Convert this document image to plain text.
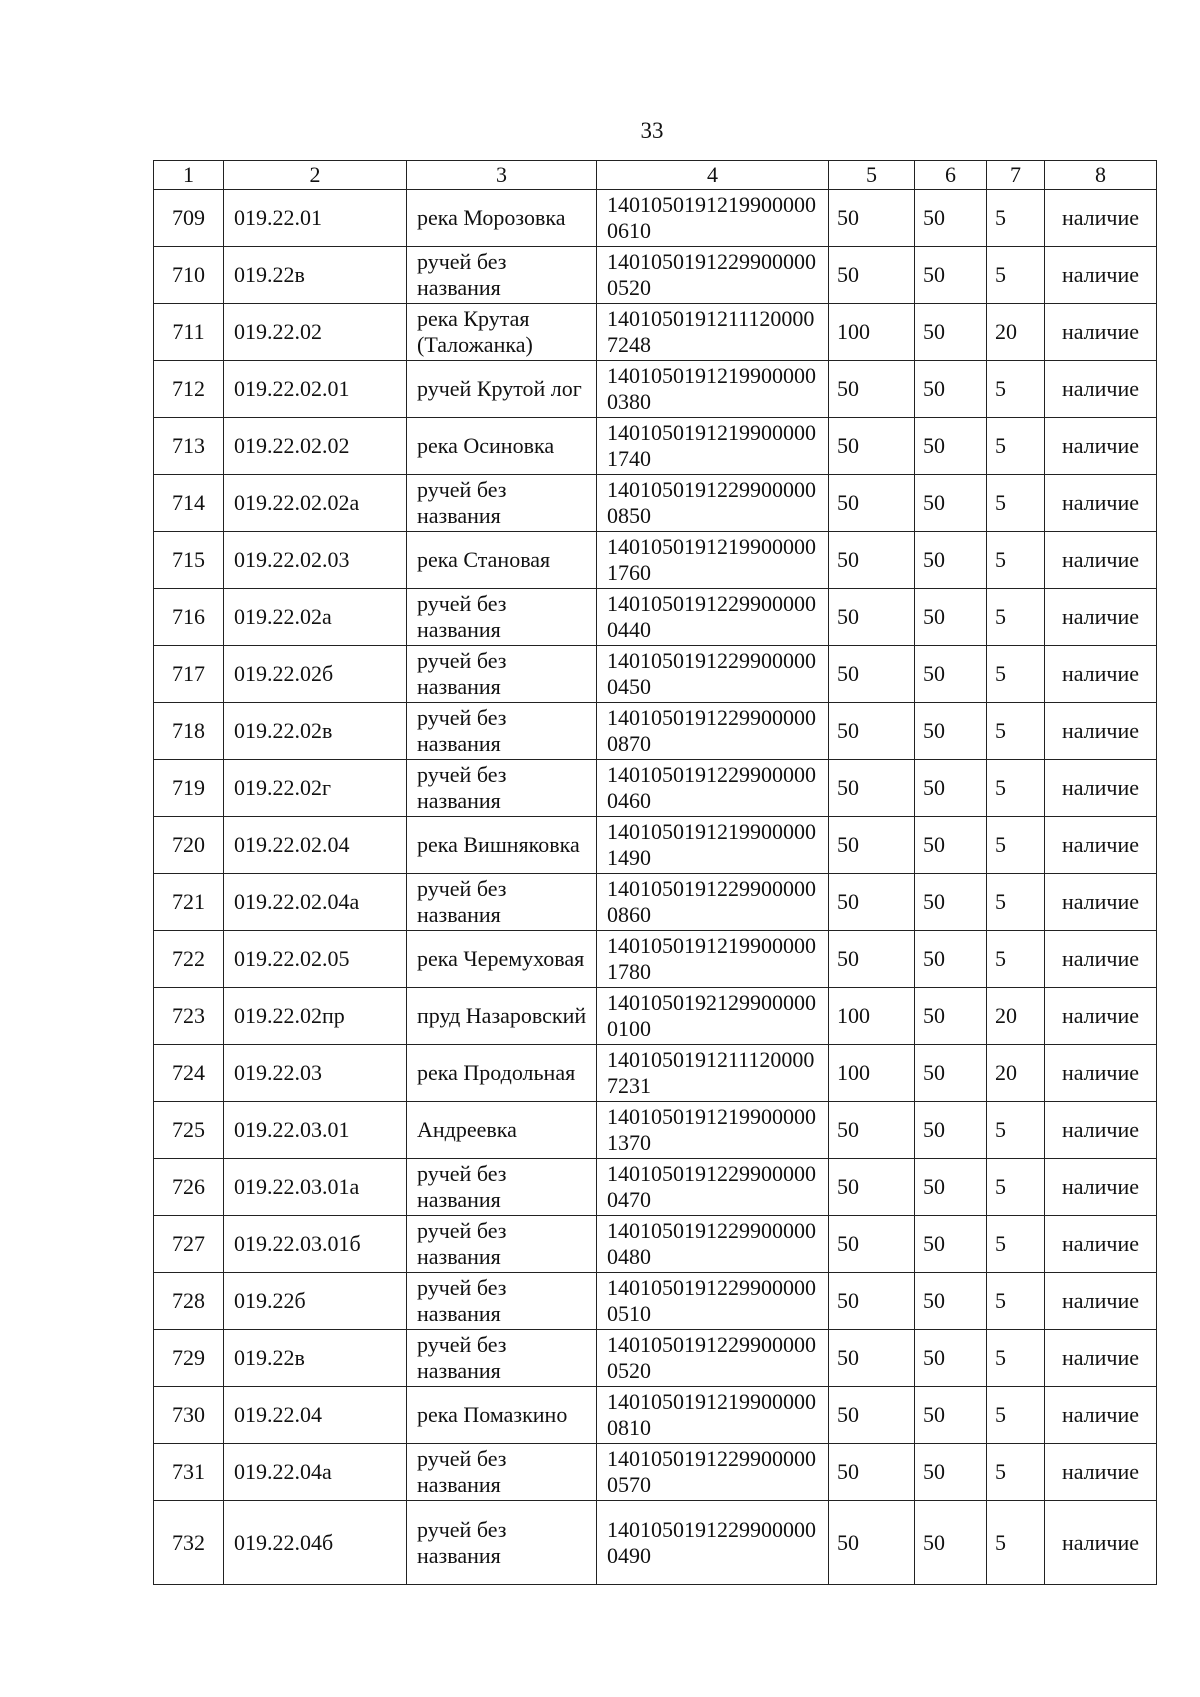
33
1	2	3	4	5	6	7	8
709	019.22.01	река Морозовка	14010501912199000000610	50	50	5	наличие
710	019.22в	ручей без названия	14010501912299000000520	50	50	5	наличие
711	019.22.02	река Крутая (Таложанка)	14010501912111200007248	100	50	20	наличие
712	019.22.02.01	ручей Крутой лог	14010501912199000000380	50	50	5	наличие
713	019.22.02.02	река Осиновка	14010501912199000001740	50	50	5	наличие
714	019.22.02.02а	ручей без названия	14010501912299000000850	50	50	5	наличие
715	019.22.02.03	река Становая	14010501912199000001760	50	50	5	наличие
716	019.22.02а	ручей без названия	14010501912299000000440	50	50	5	наличие
717	019.22.02б	ручей без названия	14010501912299000000450	50	50	5	наличие
718	019.22.02в	ручей без названия	14010501912299000000870	50	50	5	наличие
719	019.22.02г	ручей без названия	14010501912299000000460	50	50	5	наличие
720	019.22.02.04	река Вишняковка	14010501912199000001490	50	50	5	наличие
721	019.22.02.04а	ручей без названия	14010501912299000000860	50	50	5	наличие
722	019.22.02.05	река Черемуховая	14010501912199000001780	50	50	5	наличие
723	019.22.02пр	пруд Назаровский	14010501921299000000100	100	50	20	наличие
724	019.22.03	река Продольная	14010501912111200007231	100	50	20	наличие
725	019.22.03.01	Андреевка	14010501912199000001370	50	50	5	наличие
726	019.22.03.01а	ручей без названия	14010501912299000000470	50	50	5	наличие
727	019.22.03.01б	ручей без названия	14010501912299000000480	50	50	5	наличие
728	019.22б	ручей без названия	14010501912299000000510	50	50	5	наличие
729	019.22в	ручей без названия	14010501912299000000520	50	50	5	наличие
730	019.22.04	река Помазкино	14010501912199000000810	50	50	5	наличие
731	019.22.04а	ручей без названия	14010501912299000000570	50	50	5	наличие
732	019.22.04б	ручей без названия	14010501912299000000490	50	50	5	наличие
